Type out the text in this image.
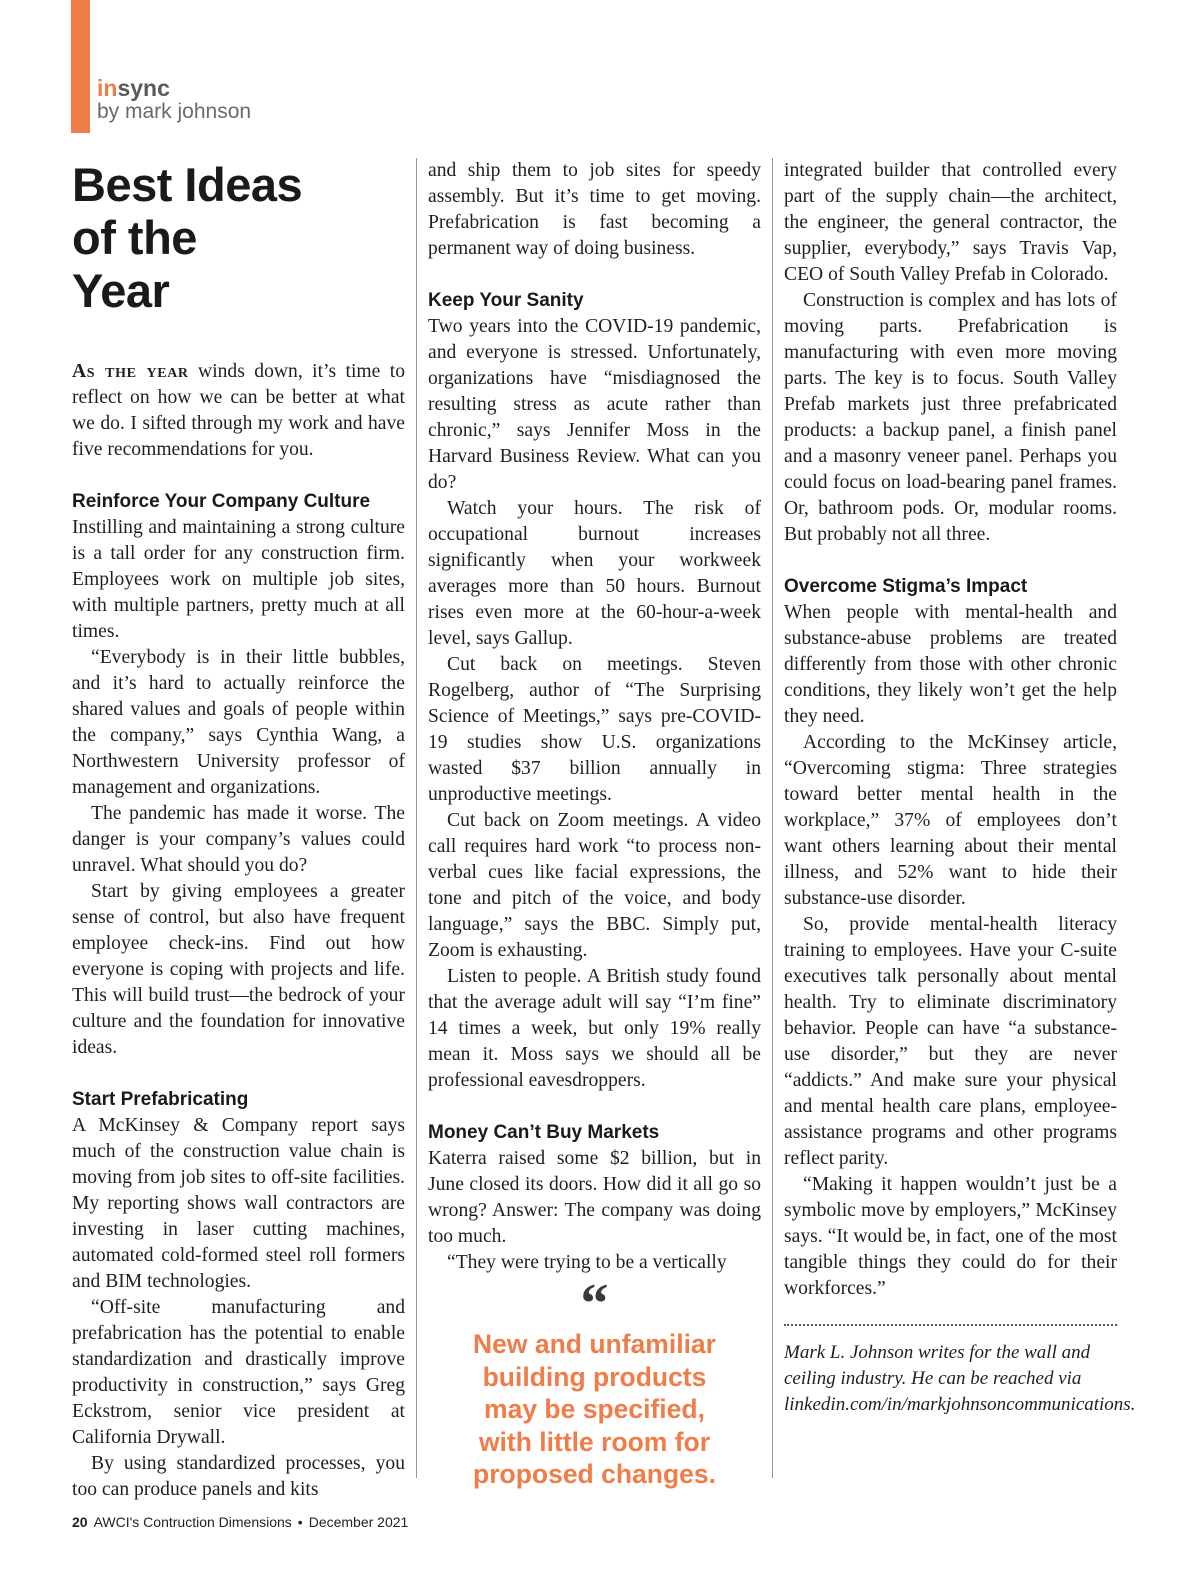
insync
by mark johnson
Best Ideas
of the
Year

As the year winds down, it’s time to reflect on how we can be better at what we do. I sifted through my work and have five recommendations for you.

Reinforce Your Company Culture

Instilling and maintaining a strong culture is a tall order for any construction firm. Employees work on multiple job sites, with multiple partners, pretty much at all times.

“Everybody is in their little bubbles, and it’s hard to actually reinforce the shared values and goals of people within the company,” says Cynthia Wang, a Northwestern University professor of management and organizations.

The pandemic has made it worse. The danger is your company’s values could unravel. What should you do?

Start by giving employees a greater sense of control, but also have frequent employee check-ins. Find out how everyone is coping with projects and life. This will build trust—the bedrock of your culture and the foundation for innovative ideas.

Start Prefabricating

A McKinsey & Company report says much of the construction value chain is moving from job sites to off-site facilities. My reporting shows wall contractors are investing in laser cutting machines, automated cold-formed steel roll formers and BIM technologies.

“Off-site manufacturing and prefabrication has the potential to enable standardization and drastically improve productivity in construction,” says Greg Eckstrom, senior vice president at California Drywall.

By using standardized processes, you too can produce panels and kits

and ship them to job sites for speedy assembly. But it’s time to get moving. Prefabrication is fast becoming a permanent way of doing business.

Keep Your Sanity

Two years into the COVID-19 pandemic, and everyone is stressed. Unfortunately, organizations have “misdiagnosed the resulting stress as acute rather than chronic,” says Jennifer Moss in the Harvard Business Review. What can you do?

Watch your hours. The risk of occupational burnout increases significantly when your workweek averages more than 50 hours. Burnout rises even more at the 60-hour-a-week level, says Gallup.

Cut back on meetings. Steven Rogelberg, author of “The Surprising Science of Meetings,” says pre-COVID-19 studies show U.S. organizations wasted $37 billion annually in unproductive meetings.

Cut back on Zoom meetings. A video call requires hard work “to process non-verbal cues like facial expressions, the tone and pitch of the voice, and body language,” says the BBC. Simply put, Zoom is exhausting.

Listen to people. A British study found that the average adult will say “I’m fine” 14 times a week, but only 19% really mean it. Moss says we should all be professional eavesdroppers.

Money Can’t Buy Markets

Katerra raised some $2 billion, but in June closed its doors. How did it all go so wrong? Answer: The company was doing too much.

“They were trying to be a vertically

“
New and unfamiliar
building products
may be specified,
with little room for
proposed changes.

integrated builder that controlled every part of the supply chain—the architect, the engineer, the general contractor, the supplier, everybody,” says Travis Vap, CEO of South Valley Prefab in Colorado.

Construction is complex and has lots of moving parts. Prefabrication is manufacturing with even more moving parts. The key is to focus. South Valley Prefab markets just three prefabricated products: a backup panel, a finish panel and a masonry veneer panel. Perhaps you could focus on load-bearing panel frames. Or, bathroom pods. Or, modular rooms. But probably not all three.

Overcome Stigma’s Impact

When people with mental-health and substance-abuse problems are treated differently from those with other chronic conditions, they likely won’t get the help they need.

According to the McKinsey article, “Overcoming stigma: Three strategies toward better mental health in the workplace,” 37% of employees don’t want others learning about their mental illness, and 52% want to hide their substance-use disorder.

So, provide mental-health literacy training to employees. Have your C-suite executives talk personally about mental health. Try to eliminate discriminatory behavior. People can have “a substance-use disorder,” but they are never “addicts.” And make sure your physical and mental health care plans, employee-assistance programs and other programs reflect parity.

“Making it happen wouldn’t just be a symbolic move by employers,” McKinsey says. “It would be, in fact, one of the most tangible things they could do for their workforces.”

Mark L. Johnson writes for the wall and ceiling industry. He can be reached via linkedin.com/in/markjohnsoncommunications.

20 AWCI's Contruction Dimensions • December 2021
